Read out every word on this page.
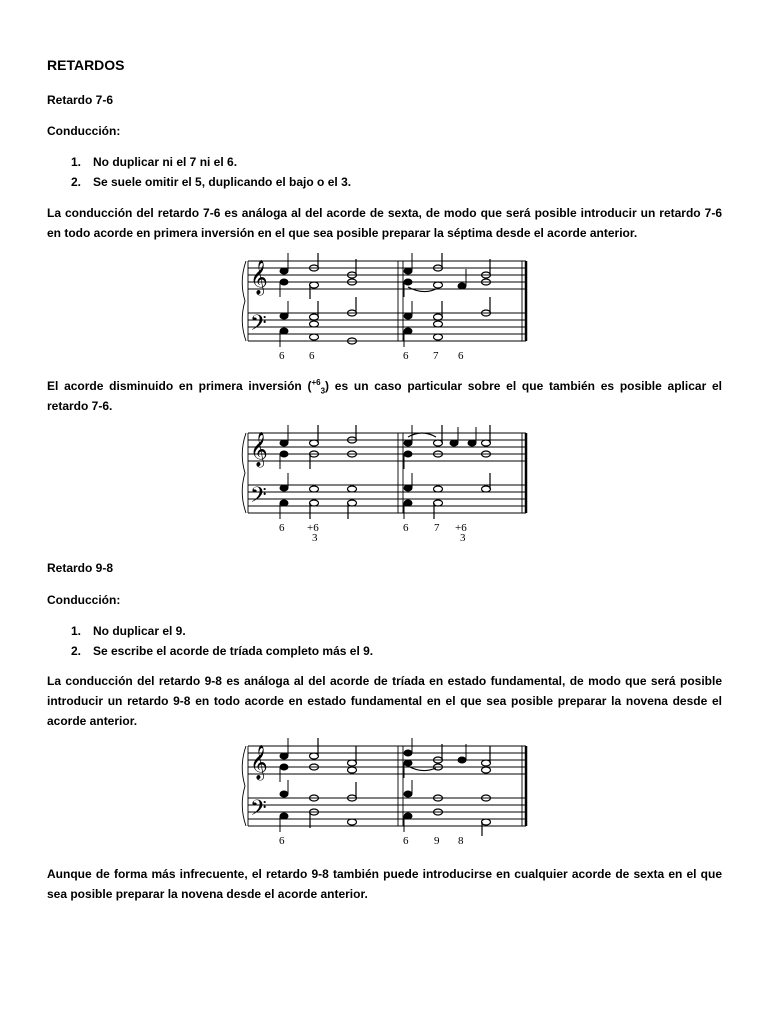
RETARDOS
Retardo 7-6
Conducción:
1. No duplicar ni el 7 ni el 6.
2. Se suele omitir el 5, duplicando el bajo o el 3.
La conducción del retardo 7-6 es análoga al del acorde de sexta, de modo que será posible introducir un retardo 7-6 en todo acorde en primera inversión en el que sea posible preparar la séptima desde el acorde anterior.
𝄞
𝄢
6 6	6 7 6
El acorde disminuido en primera inversión ($^{+6}_3$) es un caso particular sobre el que también es posible aplicar el retardo 7-6.
𝄞
𝄢
6 +6
3
6 7 +6
3
Retardo 9-8
Conducción:
1. No duplicar el 9.
2. Se escribe el acorde de tríada completo más el 9.
La conducción del retardo 9-8 es análoga al del acorde de tríada en estado fundamental, de modo que será posible introducir un retardo 9-8 en todo acorde en estado fundamental en el que sea posible preparar la novena desde el acorde anterior.
𝄞
𝄢
6	6 9 8
Aunque de forma más infrecuente, el retardo 9-8 también puede introducirse en cualquier acorde de sexta en el que sea posible preparar la novena desde el acorde anterior.
